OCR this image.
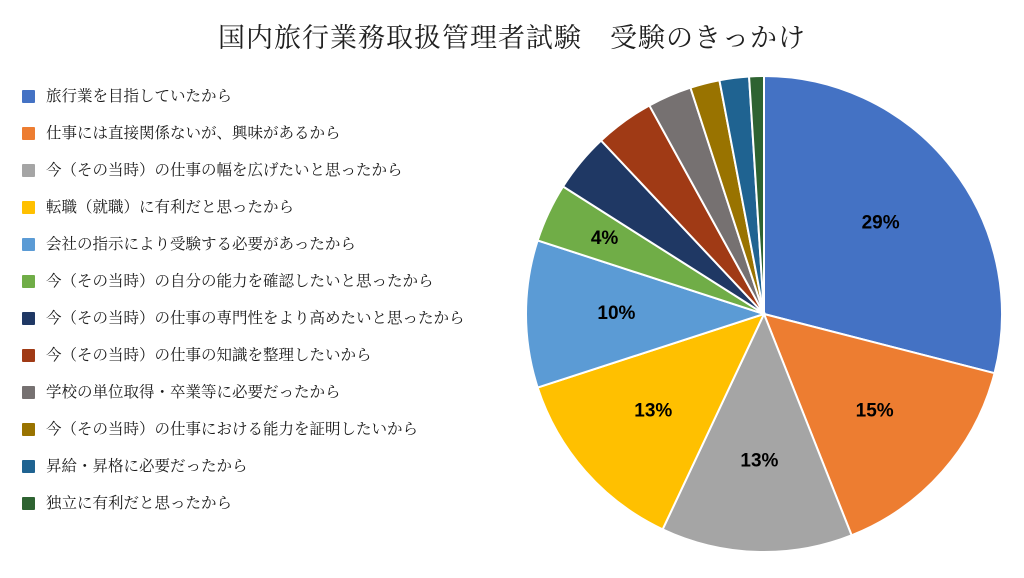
国内旅行業務取扱管理者試験　受験のきっかけ
旅行業を目指していたから
仕事には直接関係ないが、興味があるから
今（その当時）の仕事の幅を広げたいと思ったから
転職（就職）に有利だと思ったから
会社の指示により受験する必要があったから
今（その当時）の自分の能力を確認したいと思ったから
今（その当時）の仕事の専門性をより高めたいと思ったから
今（その当時）の仕事の知識を整理したいから
学校の単位取得・卒業等に必要だったから
今（その当時）の仕事における能力を証明したいから
昇給・昇格に必要だったから
独立に有利だと思ったから
29%
15%
13%
13%
10%
4%
